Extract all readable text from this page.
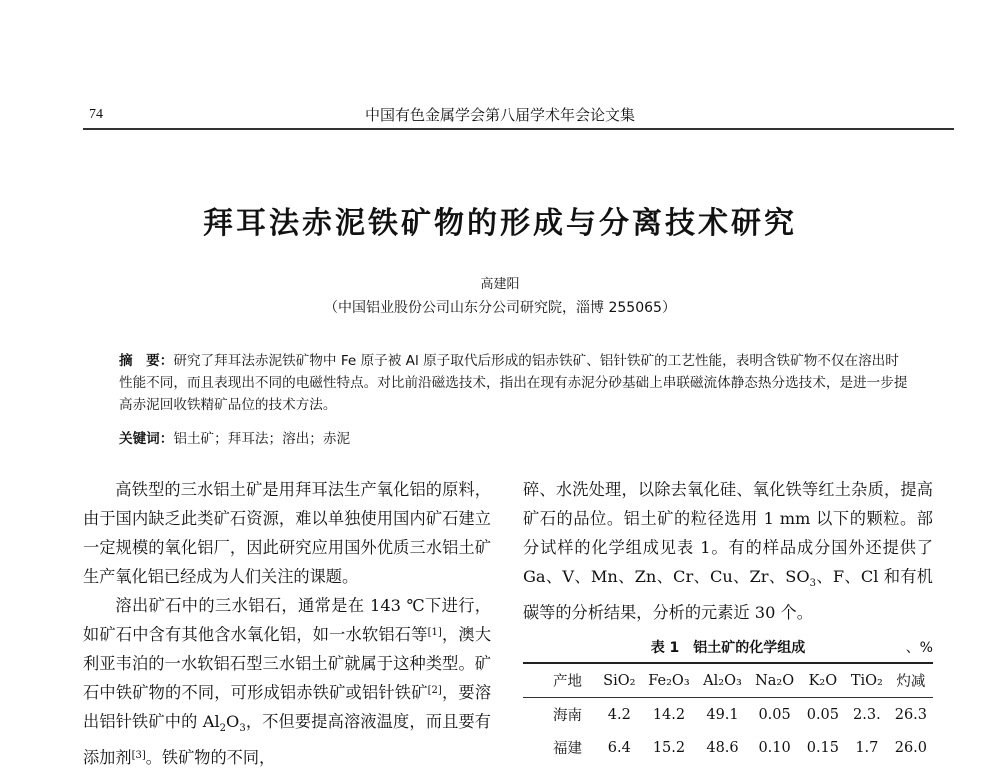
74	中国有色金属学会第八届学术年会论文集
拜耳法赤泥铁矿物的形成与分离技术研究
高建阳
（中国铝业股份公司山东分公司研究院，淄博 255065）
摘　要：研究了拜耳法赤泥铁矿物中 Fe 原子被 Al 原子取代后形成的铝赤铁矿、铝针铁矿的工艺性能，表明含铁矿物不仅在溶出时性能不同，而且表现出不同的电磁性特点。对比前沿磁选技术，指出在现有赤泥分砂基础上串联磁流体静态热分选技术，是进一步提高赤泥回收铁精矿品位的技术方法。
关键词：铝土矿；拜耳法；溶出；赤泥

高铁型的三水铝土矿是用拜耳法生产氧化铝的原料，由于国内缺乏此类矿石资源，难以单独使用国内矿石建立一定规模的氧化铝厂，因此研究应用国外优质三水铝土矿生产氧化铝已经成为人们关注的课题。

溶出矿石中的三水铝石，通常是在 143 ℃下进行，如矿石中含有其他含水氧化铝，如一水软铝石等[1]，澳大利亚韦泊的一水软铝石型三水铝土矿就属于这种类型。矿石中铁矿物的不同，可形成铝赤铁矿或铝针铁矿[2]，要溶出铝针铁矿中的 $Al_2O_3$，不但要提高溶液温度，而且要有添加剂[3]。铁矿物的不同，

碎、水洗处理，以除去氧化硅、氧化铁等红土杂质，提高矿石的品位。铝土矿的粒径选用 1 mm 以下的颗粒。部分试样的化学组成见表 1。有的样品成分国外还提供了 Ga、V、Mn、Zn、Cr、Cu、Zr、$SO_3$、F、Cl 和有机碳等的分析结果，分析的元素近 30 个。

表 1　铝土矿的化学组成	、%
产地	SiO₂	Fe₂O₃	Al₂O₃	Na₂O	K₂O	TiO₂	灼减
海南	4.2	14.2	49.1	0.05	0.05	2.3.	26.3
福建	6.4	15.2	48.6	0.10	0.15	1.7	26.0
